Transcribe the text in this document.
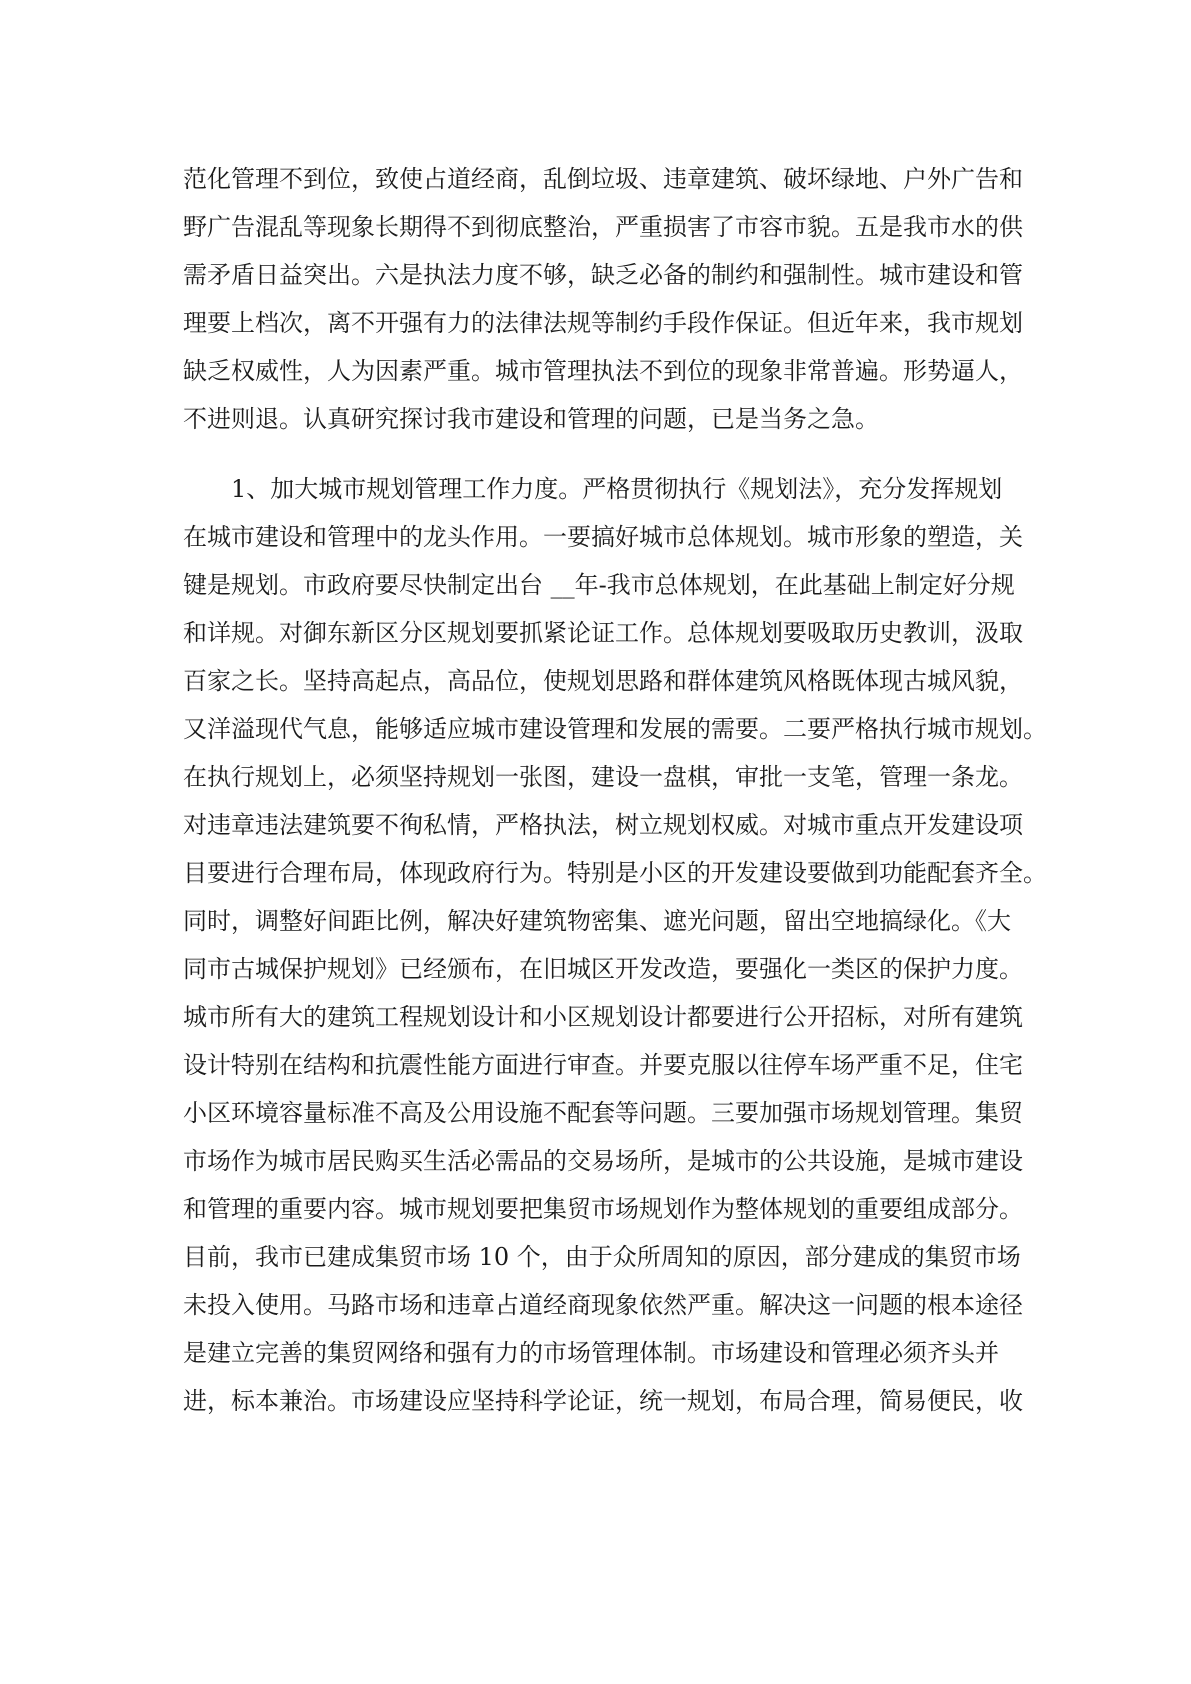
范化管理不到位，致使占道经商，乱倒垃圾、违章建筑、破坏绿地、户外广告和
野广告混乱等现象长期得不到彻底整治，严重损害了市容市貌。五是我市水的供
需矛盾日益突出。六是执法力度不够，缺乏必备的制约和强制性。城市建设和管
理要上档次，离不开强有力的法律法规等制约手段作保证。但近年来，我市规划
缺乏权威性，人为因素严重。城市管理执法不到位的现象非常普遍。形势逼人，
不进则退。认真研究探讨我市建设和管理的问题，已是当务之急。

1、加大城市规划管理工作力度。严格贯彻执行《规划法》，充分发挥规划
在城市建设和管理中的龙头作用。一要搞好城市总体规划。城市形象的塑造，关
键是规划。市政府要尽快制定出台 __年-我市总体规划，在此基础上制定好分规
和详规。对御东新区分区规划要抓紧论证工作。总体规划要吸取历史教训，汲取
百家之长。坚持高起点，高品位，使规划思路和群体建筑风格既体现古城风貌，
又洋溢现代气息，能够适应城市建设管理和发展的需要。二要严格执行城市规划。
在执行规划上，必须坚持规划一张图，建设一盘棋，审批一支笔，管理一条龙。
对违章违法建筑要不徇私情，严格执法，树立规划权威。对城市重点开发建设项
目要进行合理布局，体现政府行为。特别是小区的开发建设要做到功能配套齐全。
同时，调整好间距比例，解决好建筑物密集、遮光问题，留出空地搞绿化。《大
同市古城保护规划》已经颁布，在旧城区开发改造，要强化一类区的保护力度。
城市所有大的建筑工程规划设计和小区规划设计都要进行公开招标，对所有建筑
设计特别在结构和抗震性能方面进行审查。并要克服以往停车场严重不足，住宅
小区环境容量标准不高及公用设施不配套等问题。三要加强市场规划管理。集贸
市场作为城市居民购买生活必需品的交易场所，是城市的公共设施，是城市建设
和管理的重要内容。城市规划要把集贸市场规划作为整体规划的重要组成部分。
目前，我市已建成集贸市场 10 个，由于众所周知的原因，部分建成的集贸市场
未投入使用。马路市场和违章占道经商现象依然严重。解决这一问题的根本途径
是建立完善的集贸网络和强有力的市场管理体制。市场建设和管理必须齐头并
进，标本兼治。市场建设应坚持科学论证，统一规划，布局合理，简易便民，收
